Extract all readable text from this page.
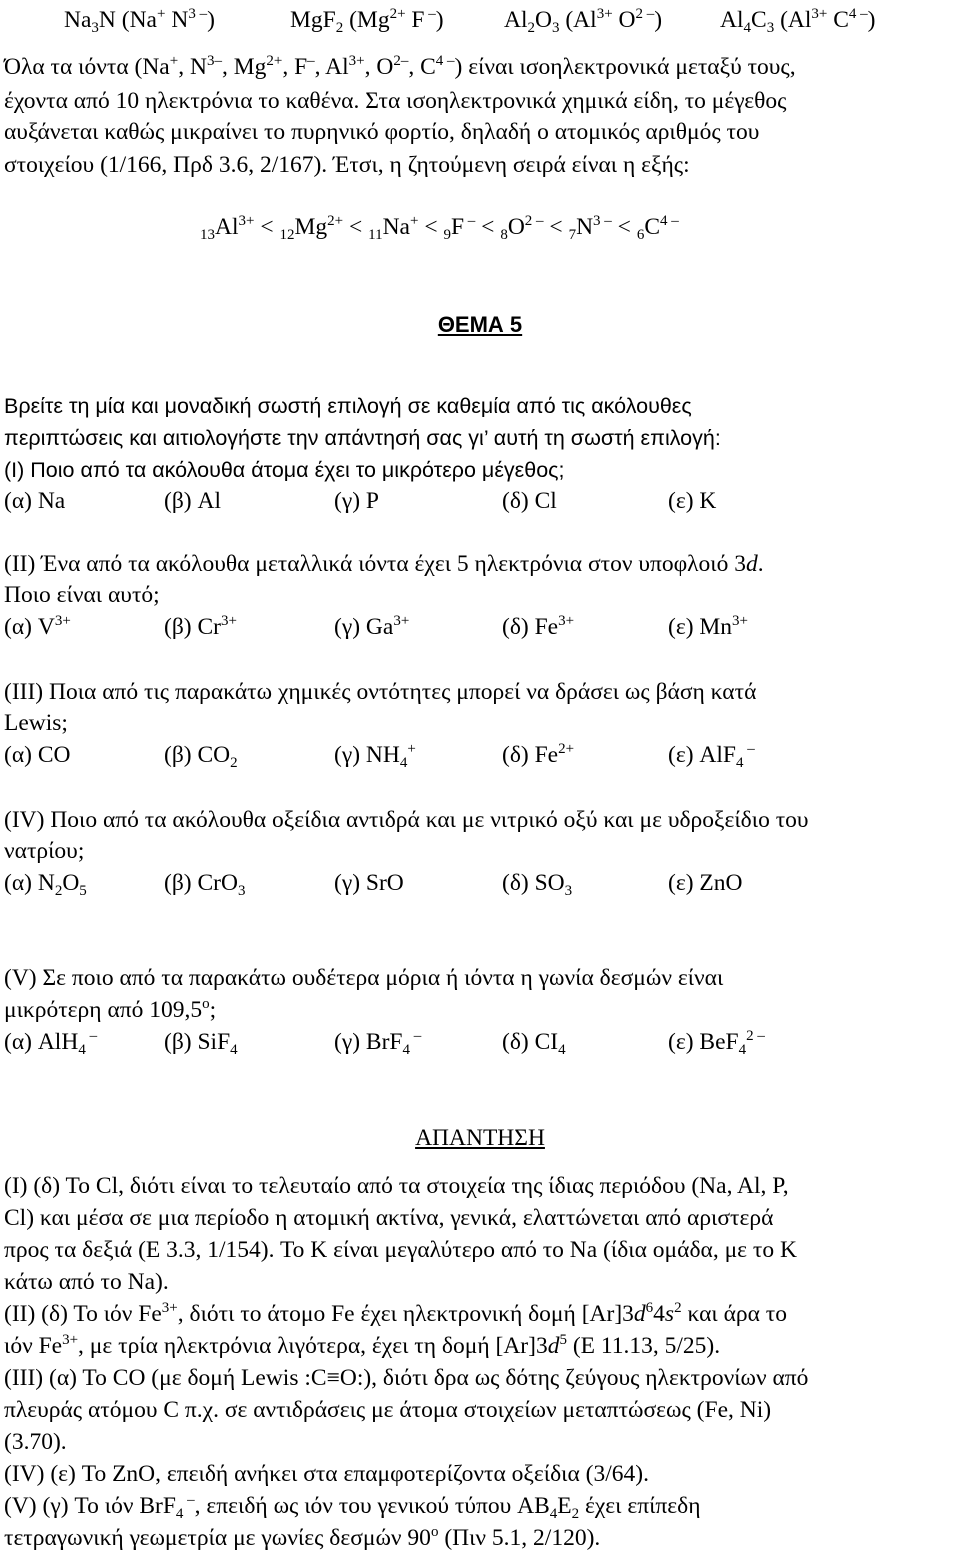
$Na_3N$ (Na+ $N^{3 -}$)	MgF$_2$ ($Mg^{2+}$ F –)	$Al_2O_3$ ($Al^{3+}$ $O^{2 -}$) $Al_4C_3$ ($Al^{3+}$ $C^{4 -}$)
Όλα τα ιόντα (Na+, $N^{3-}$, $Mg^{2+}$, F–, $Al^{3+}$, $O^{2-}$, $C^{4 -}$) είναι ισοηλεκτρονικά μεταξύ τους,
έχοντα από 10 ηλεκτρόνια το καθένα. Στα ισοηλεκτρονικά χημικά είδη, το μέγεθος
αυξάνεται καθώς μικραίνει το πυρηνικό φορτίο, δηλαδή ο ατομικός αριθμός του
στοιχείου (1/166, Πρδ 3.6, 2/167). Έτσι, η ζητούμενη σειρά είναι η εξής:
$_{13}Al^{3+} < _{12}Mg^{2+} < _{11}Na^+ < _9F$ $^- < _8O^{2 -} < _7N^{3 -} < _6C^{4 -}$
ΘΕΜΑ 5
Βρείτε τη μία και μοναδική σωστή επιλογή σε καθεμία από τις ακόλουθες
περιπτώσεις και αιτιολογήστε την απάντησή σας γι’ αυτή τη σωστή επιλογή:
(Ι) Ποιο από τα ακόλουθα άτομα έχει το μικρότερο μέγεθος;
(α) Na	(β) Al	(γ) P	(δ) Cl	(ε) K
(ΙΙ) Ένα από τα ακόλουθα μεταλλικά ιόντα έχει 5 ηλεκτρόνια στον υποφλοιό 3d.
Ποιο είναι αυτό;
(α) $V^{3+}$	(β) $Cr^{3+}$	(γ) $Ga^{3+}$	(δ) $Fe^{3+}$	(ε) $Mn^{3+}$
(ΙΙΙ) Ποια από τις παρακάτω χημικές οντότητες μπορεί να δράσει ως βάση κατά
Lewis;
(α) CO	(β) $CO_2$	(γ) $NH_4^+$	(δ) $Fe^{2+}$	(ε) AlF$_4$ –
(IV) Ποιο από τα ακόλουθα οξείδια αντιδρά και με νιτρικό οξύ και με υδροξείδιο του
νατρίου;
(α) $N_2O_5$	(β) CrO$_3$	(γ) SrO	(δ) $SO_3$	(ε) ZnO
(V) Σε ποιο από τα παρακάτω ουδέτερα μόρια ή ιόντα η γωνία δεσμών είναι
μικρότερη από 109,5$^o$;
(α) AlH$_4$ –	(β) SiF$_4$	(γ) BrF$_4$ –	(δ) $CI_4$	(ε) BeF$_4^{2 -}$
ΑΠΑΝΤΗΣΗ
(Ι) (δ) Το Cl, διότι είναι το τελευταίο από τα στοιχεία της ίδιας περιόδου (Na, Al, P,
Cl) και μέσα σε μια περίοδο η ατομική ακτίνα, γενικά, ελαττώνεται από αριστερά
προς τα δεξιά (Ε 3.3, 1/154). Το K είναι μεγαλύτερο από το Na (ίδια ομάδα, με το K
κάτω από το Na).
(ΙΙ) (δ) Το ιόν $Fe^{3+}$, διότι το άτομο Fe έχει ηλεκτρονική δομή $[Ar]3d^64s^2$ και άρα το
ιόν $Fe^{3+}$, με τρία ηλεκτρόνια λιγότερα, έχει τη δομή $[Ar]3d^5$ (Ε 11.13, 5/25).
(ΙΙΙ) (α) Το CO (με δομή Lewis :C≡O:), διότι δρα ως δότης ζεύγους ηλεκτρονίων από
πλευράς ατόμου C π.χ. σε αντιδράσεις με άτομα στοιχείων μεταπτώσεως (Fe, Ni)
(3.70).
(IV) (ε) Το ZnO, επειδή ανήκει στα επαμφοτερίζοντα οξείδια (3/64).
(V) (γ) Το ιόν BrF$_4$ –, επειδή ως ιόν του γενικού τύπου $AB_4E_2$ έχει επίπεδη
τετραγωνική γεωμετρία με γωνίες δεσμών 90$^o$ (Πιν 5.1, 2/120).
